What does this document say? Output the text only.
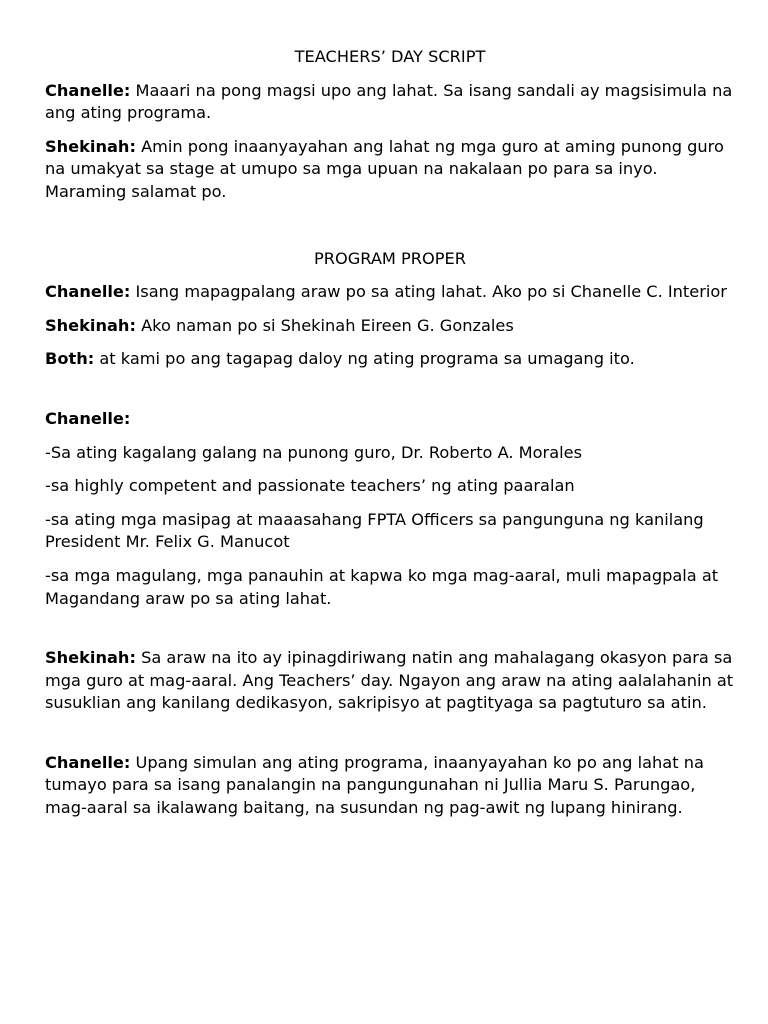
TEACHERS’ DAY SCRIPT

Chanelle: Maaari na pong magsi upo ang lahat. Sa isang sandali ay magsisimula na ang ating programa.

Shekinah: Amin pong inaanyayahan ang lahat ng mga guro at aming punong guro na umakyat sa stage at umupo sa mga upuan na nakalaan po para sa inyo. Maraming salamat po.

PROGRAM PROPER

Chanelle: Isang mapagpalang araw po sa ating lahat. Ako po si Chanelle C. Interior

Shekinah: Ako naman po si Shekinah Eireen G. Gonzales

Both: at kami po ang tagapag daloy ng ating programa sa umagang ito.

Chanelle:

-Sa ating kagalang galang na punong guro, Dr. Roberto A. Morales

-sa highly competent and passionate teachers’ ng ating paaralan

-sa ating mga masipag at maaasahang FPTA Officers sa pangunguna ng kanilang President Mr. Felix G. Manucot

-sa mga magulang, mga panauhin at kapwa ko mga mag-aaral, muli mapagpala at Magandang araw po sa ating lahat.

Shekinah: Sa araw na ito ay ipinagdiriwang natin ang mahalagang okasyon para sa mga guro at mag-aaral. Ang Teachers’ day. Ngayon ang araw na ating aalalahanin at susuklian ang kanilang dedikasyon, sakripisyo at pagtityaga sa pagtuturo sa atin.

Chanelle: Upang simulan ang ating programa, inaanyayahan ko po ang lahat na tumayo para sa isang panalangin na pangungunahan ni Jullia Maru S. Parungao, mag-aaral sa ikalawang baitang, na susundan ng pag-awit ng lupang hinirang.
